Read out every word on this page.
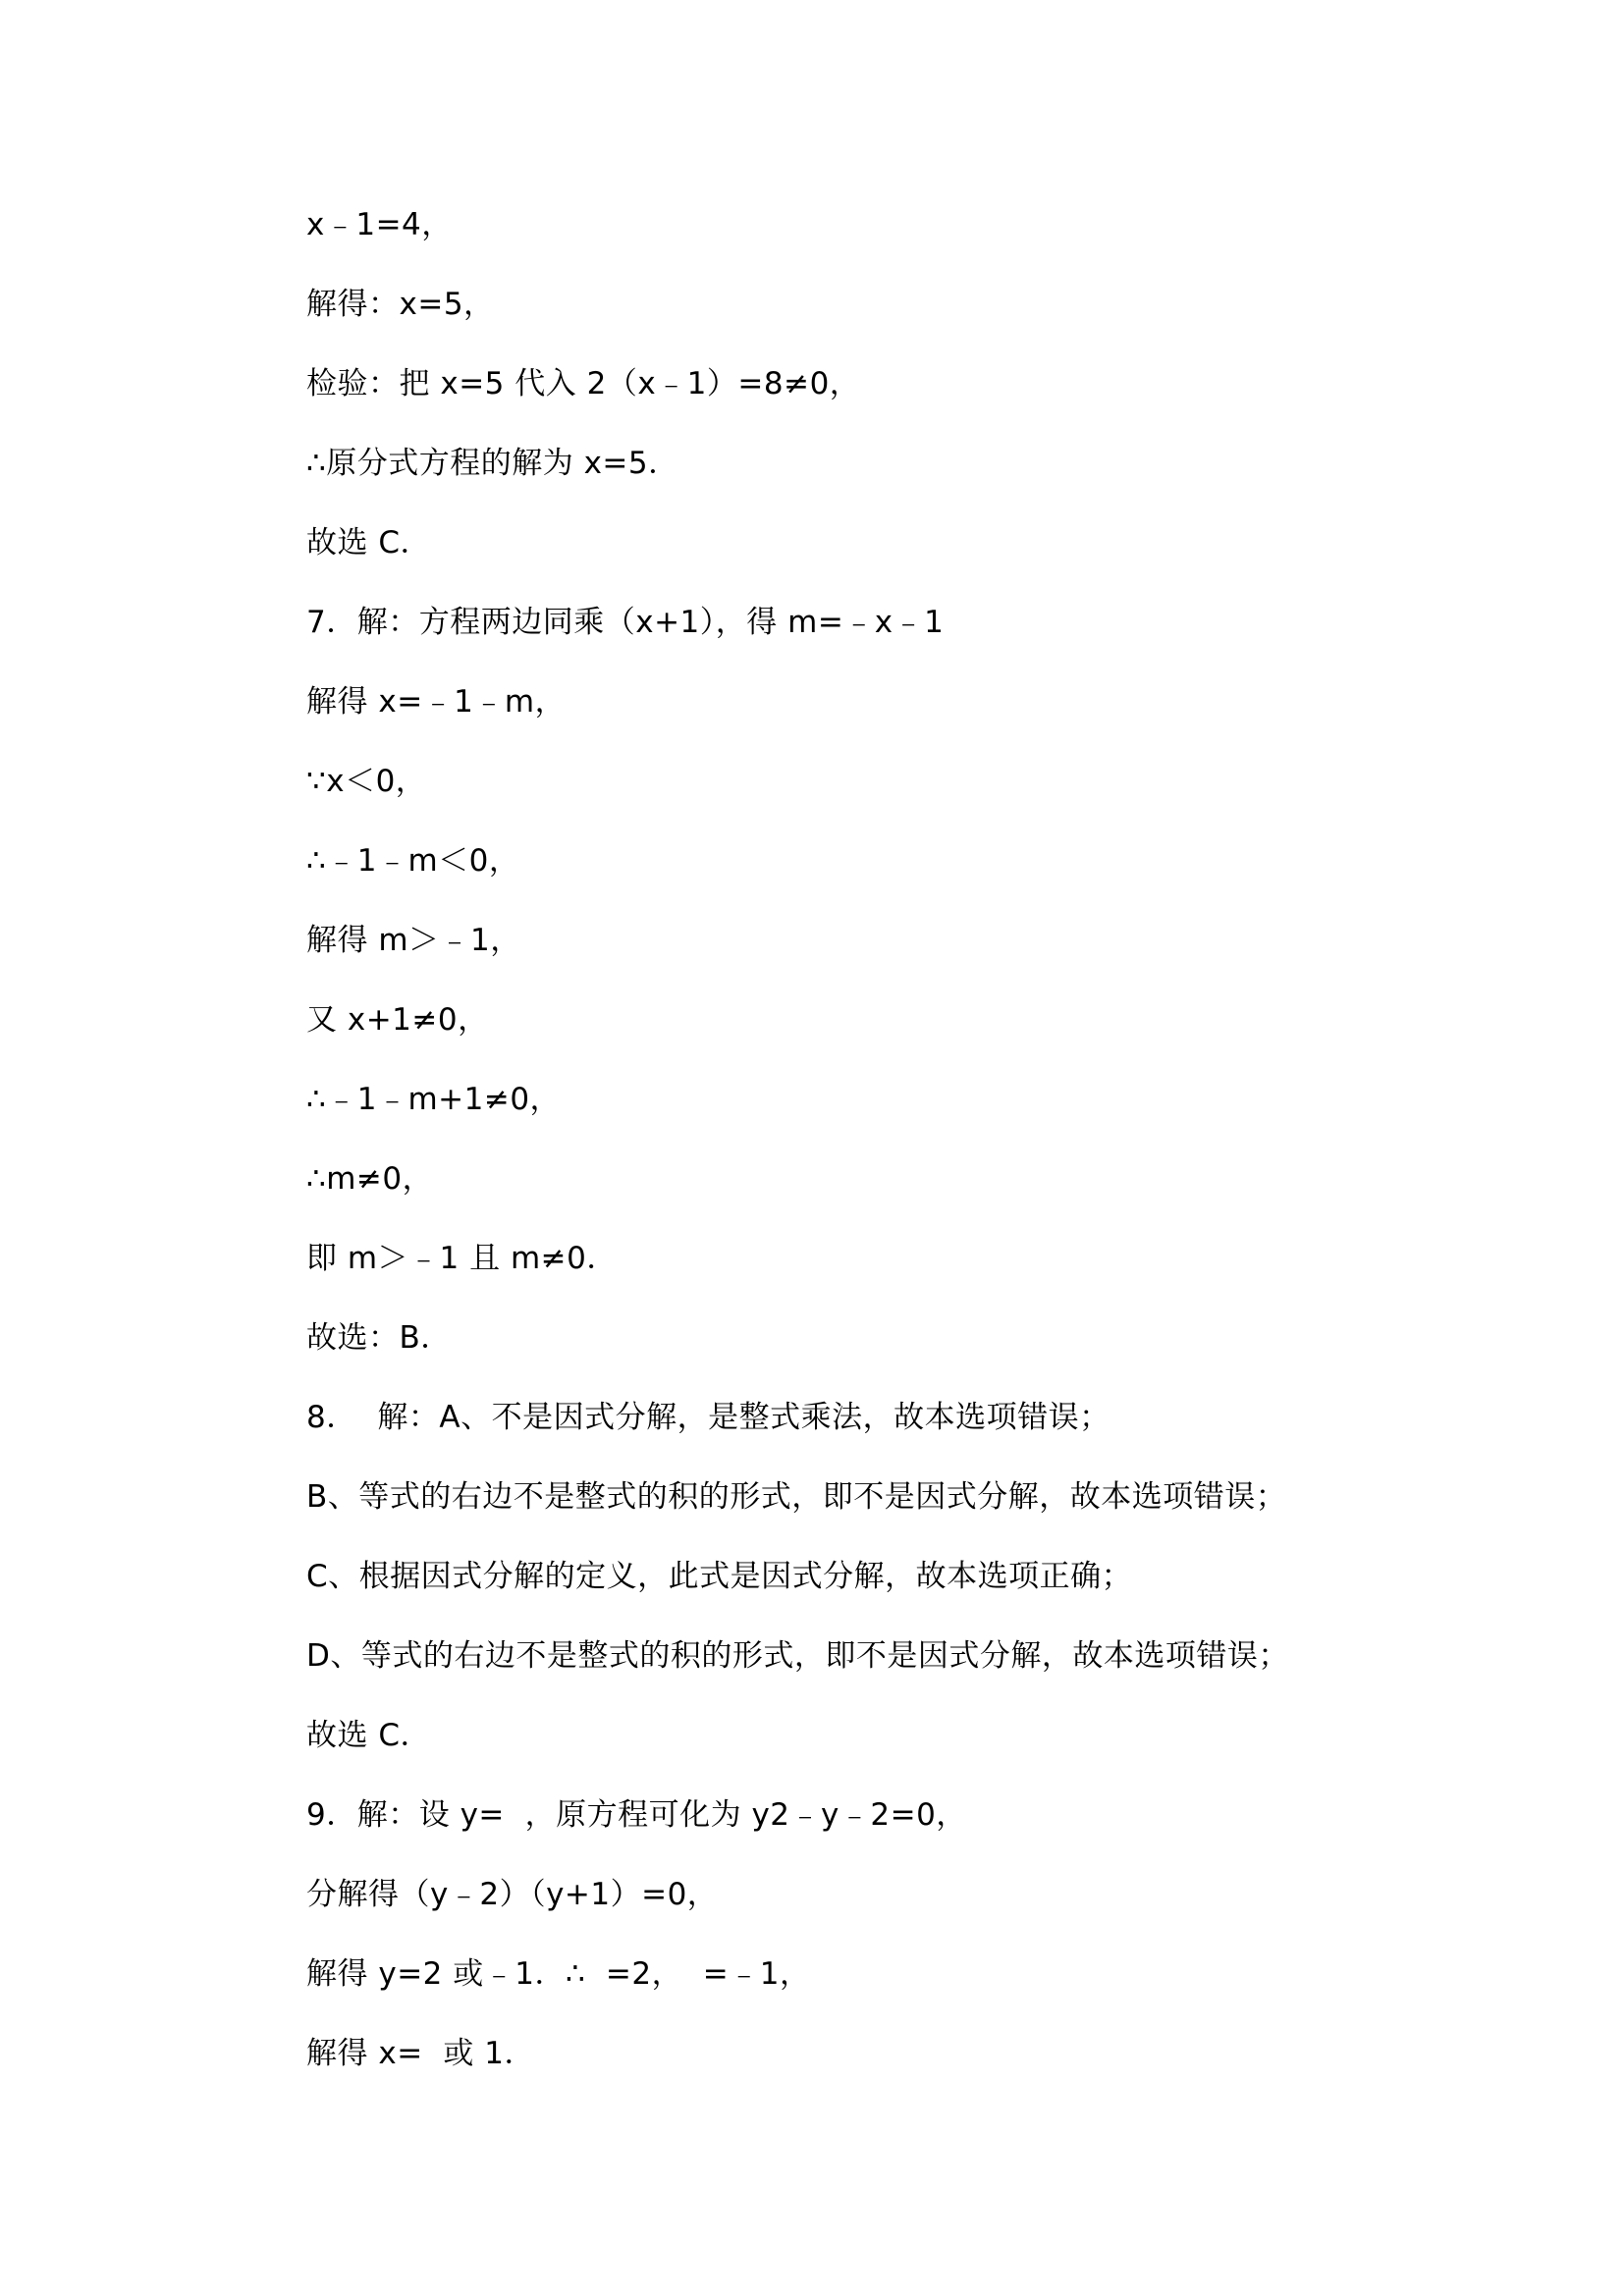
x﹣1=4，
解得：x=5，
检验：把 x=5 代入 2（x﹣1）=8≠0，
∴原分式方程的解为 x=5．
故选 C．
7．解：方程两边同乘（x+1），得 m=﹣x﹣1
解得 x=﹣1﹣m，
∵x＜0，
∴﹣1﹣m＜0，
解得 m＞﹣1，
又 x+1≠0，
∴﹣1﹣m+1≠0，
∴m≠0，
即 m＞﹣1 且 m≠0．
故选：B．
8．  解：A、不是因式分解，是整式乘法，故本选项错误；
B、等式的右边不是整式的积的形式，即不是因式分解，故本选项错误；
C、根据因式分解的定义，此式是因式分解，故本选项正确；
D、等式的右边不是整式的积的形式，即不是因式分解，故本选项错误；
故选 C．
9．解：设 y=  ，原方程可化为 y2﹣y﹣2=0，
分解得（y﹣2）（y+1）=0，
解得 y=2 或﹣1．∴  =2，  =﹣1，
解得 x=  或 1．
